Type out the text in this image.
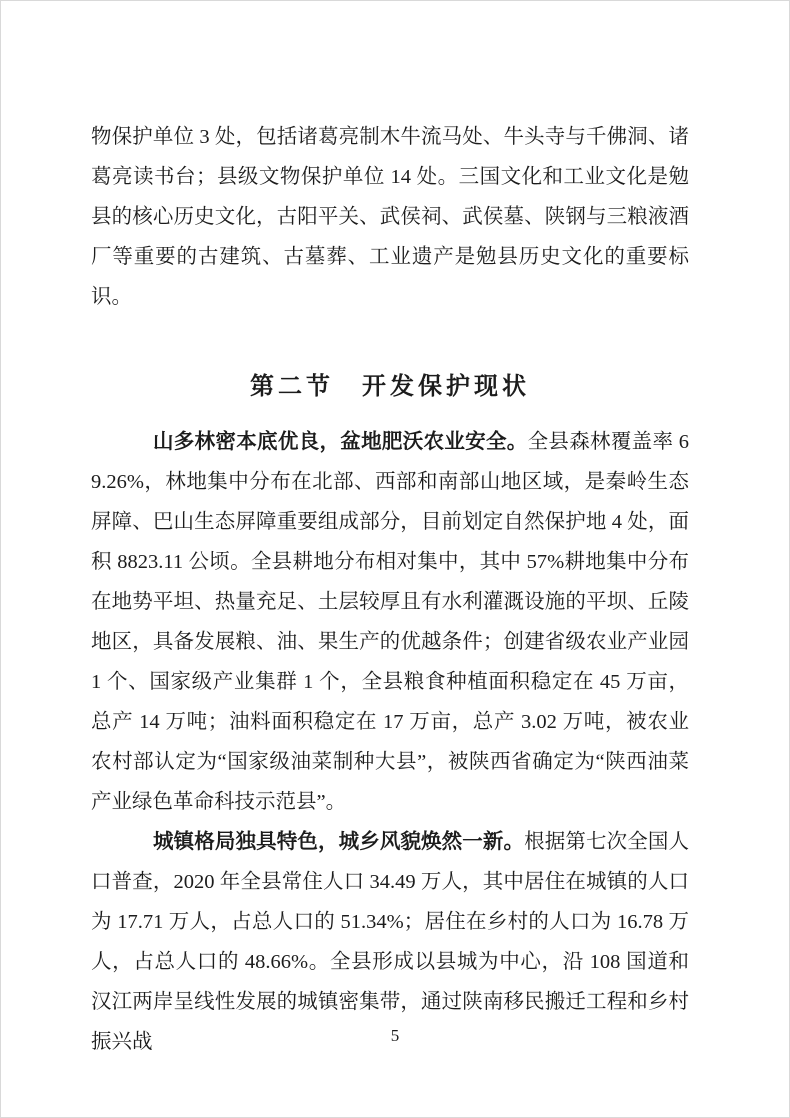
物保护单位 3 处，包括诸葛亮制木牛流马处、牛头寺与千佛洞、诸葛亮读书台；县级文物保护单位 14 处。三国文化和工业文化是勉县的核心历史文化，古阳平关、武侯祠、武侯墓、陕钢与三粮液酒厂等重要的古建筑、古墓葬、工业遗产是勉县历史文化的重要标识。

第二节　开发保护现状

山多林密本底优良，盆地肥沃农业安全。全县森林覆盖率 69.26%，林地集中分布在北部、西部和南部山地区域，是秦岭生态屏障、巴山生态屏障重要组成部分，目前划定自然保护地 4 处，面积 8823.11 公顷。全县耕地分布相对集中，其中 57%耕地集中分布在地势平坦、热量充足、土层较厚且有水利灌溉设施的平坝、丘陵地区，具备发展粮、油、果生产的优越条件；创建省级农业产业园 1 个、国家级产业集群 1 个，全县粮食种植面积稳定在 45 万亩，总产 14 万吨；油料面积稳定在 17 万亩，总产 3.02 万吨，被农业农村部认定为“国家级油菜制种大县”，被陕西省确定为“陕西油菜产业绿色革命科技示范县”。

城镇格局独具特色，城乡风貌焕然一新。根据第七次全国人口普查，2020 年全县常住人口 34.49 万人，其中居住在城镇的人口为 17.71 万人，占总人口的 51.34%；居住在乡村的人口为 16.78 万人，占总人口的 48.66%。全县形成以县城为中心，沿 108 国道和汉江两岸呈线性发展的城镇密集带，通过陕南移民搬迁工程和乡村振兴战	5
